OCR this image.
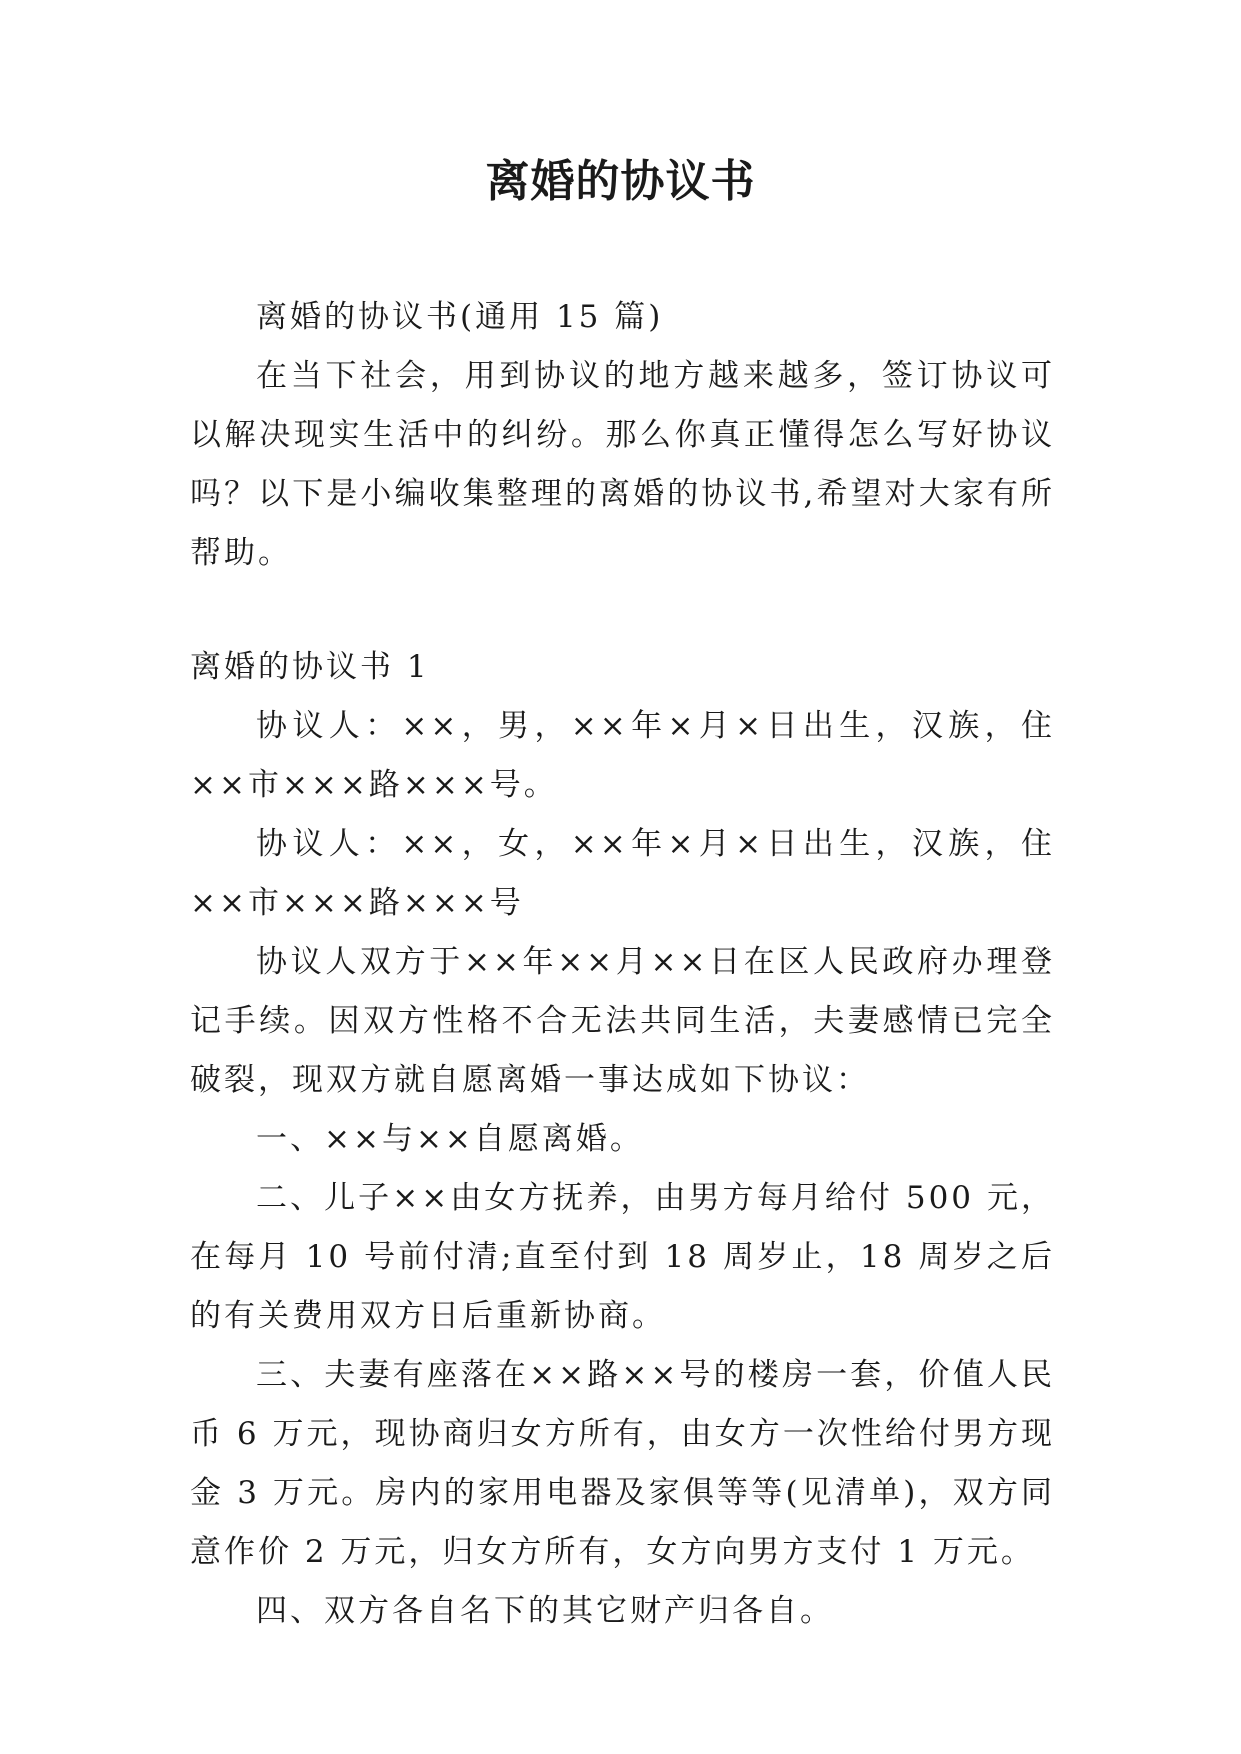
离婚的协议书

离婚的协议书(通用 15 篇)

在当下社会，用到协议的地方越来越多，签订协议可以解决现实生活中的纠纷。那么你真正懂得怎么写好协议吗？以下是小编收集整理的离婚的协议书,希望对大家有所帮助。

离婚的协议书 1

协议人：××，男，××年×月×日出生，汉族，住××市×××路×××号。

协议人：××，女，××年×月×日出生，汉族，住××市×××路×××号

协议人双方于××年××月××日在区人民政府办理登记手续。因双方性格不合无法共同生活，夫妻感情已完全破裂，现双方就自愿离婚一事达成如下协议：

一、××与××自愿离婚。

二、儿子××由女方抚养，由男方每月给付 500 元，在每月 10 号前付清;直至付到 18 周岁止，18 周岁之后的有关费用双方日后重新协商。

三、夫妻有座落在××路××号的楼房一套，价值人民币 6 万元，现协商归女方所有，由女方一次性给付男方现金 3 万元。房内的家用电器及家俱等等(见清单)，双方同意作价 2 万元，归女方所有，女方向男方支付 1 万元。

四、双方各自名下的其它财产归各自。
